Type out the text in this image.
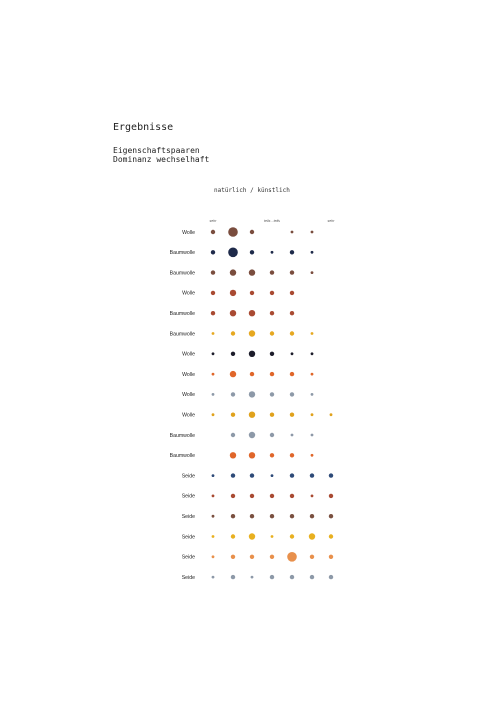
Ergebnisse
Eigenschaftspaaren
Dominanz wechselhaft
natürlich / künstlich
sehr	teils - teils	sehr
Wolle
Baumwolle
Baumwolle
Wolle
Baumwolle
Baumwolle
Wolle
Wolle
Wolle
Wolle
Baumwolle
Baumwolle
Seide
Seide
Seide
Seide
Seide
Seide
